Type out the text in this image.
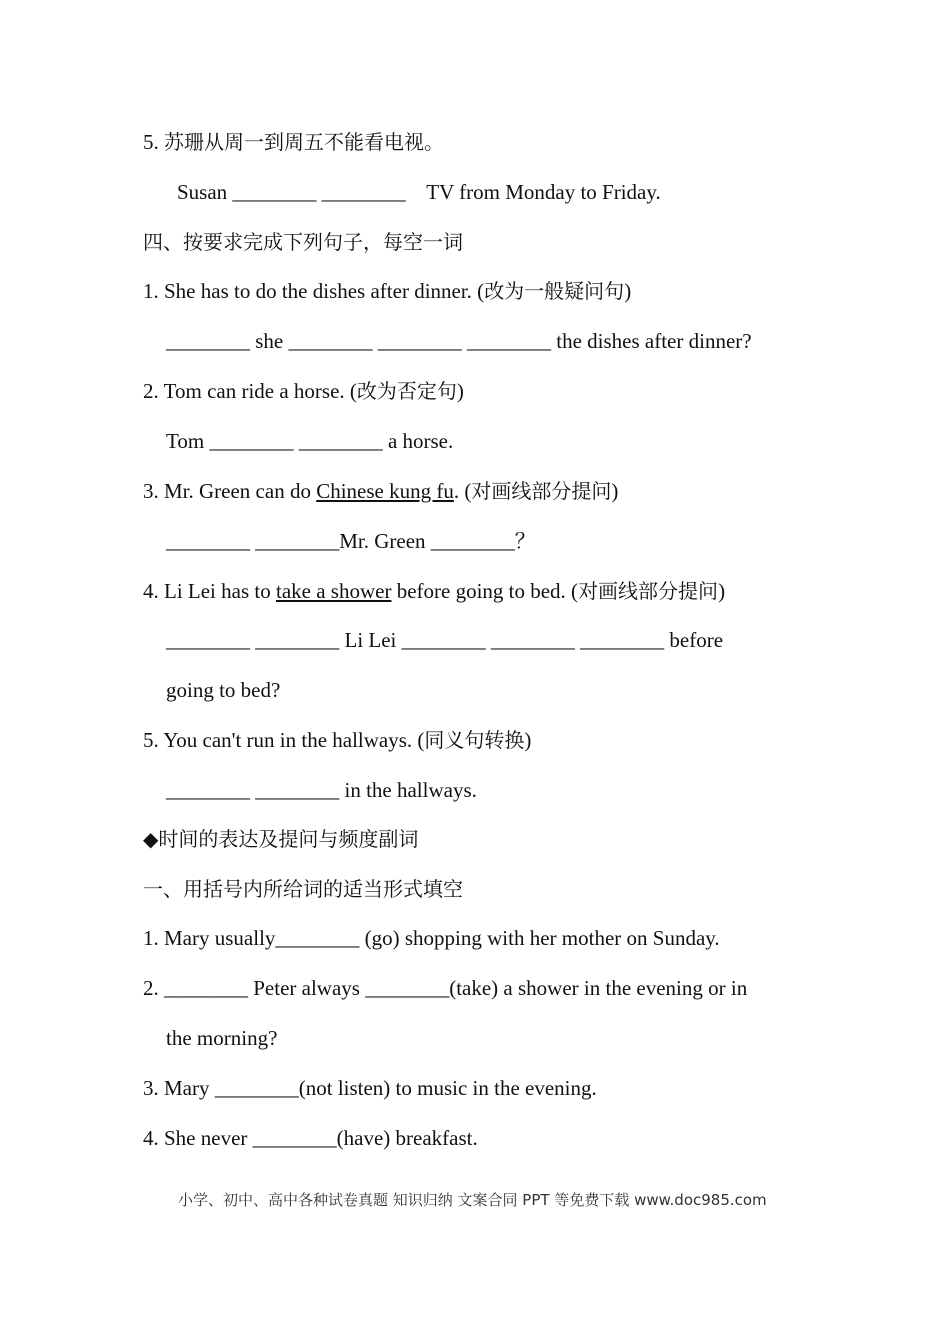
5. 苏珊从周一到周五不能看电视。
Susan ________ ________    TV from Monday to Friday.
四、按要求完成下列句子，每空一词
1. She has to do the dishes after dinner. (改为一般疑问句)
________ she ________ ________ ________ the dishes after dinner?
2. Tom can ride a horse. (改为否定句)
Tom ________ ________ a horse.
3. Mr. Green can do Chinese kung fu. (对画线部分提问)
________ ________Mr. Green ________？
4. Li Lei has to take a shower before going to bed. (对画线部分提问)
________ ________ Li Lei ________ ________ ________ before
going to bed?
5. You can't run in the hallways. (同义句转换)
________ ________ in the hallways.
◆时间的表达及提问与频度副词
一、用括号内所给词的适当形式填空
1. Mary usually________ (go) shopping with her mother on Sunday.
2. ________ Peter always ________(take) a shower in the evening or in
the morning?
3. Mary ________(not listen) to music in the evening.
4. She never ________(have) breakfast.
小学、初中、高中各种试卷真题 知识归纳 文案合同 PPT 等免费下载 www.doc985.com
